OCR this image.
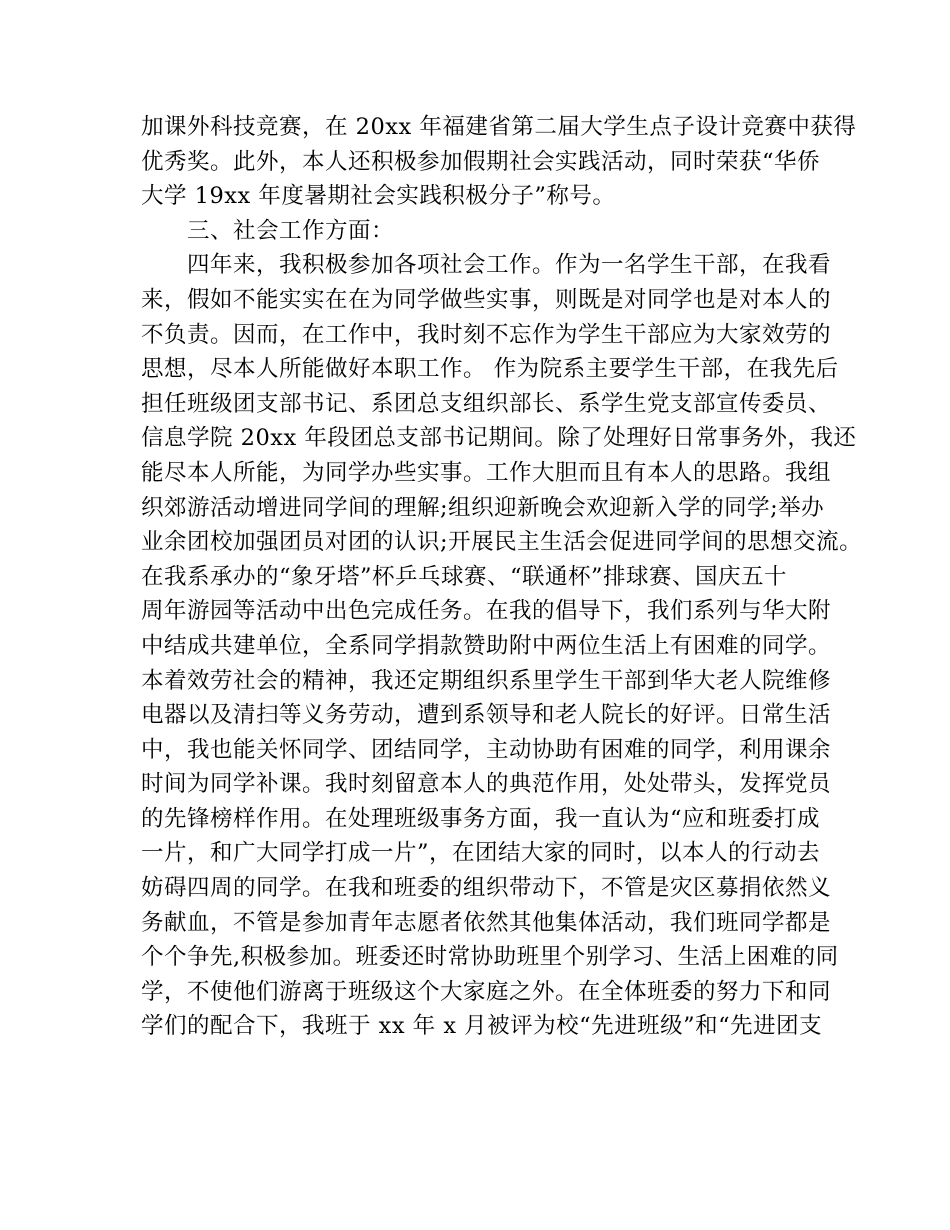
加课外科技竞赛，在 20xx 年福建省第二届大学生点子设计竞赛中获得
优秀奖。此外，本人还积极参加假期社会实践活动，同时荣获“华侨
大学 19xx 年度暑期社会实践积极分子”称号。
三、社会工作方面：
四年来，我积极参加各项社会工作。作为一名学生干部，在我看
来，假如不能实实在在为同学做些实事，则既是对同学也是对本人的
不负责。因而，在工作中，我时刻不忘作为学生干部应为大家效劳的
思想，尽本人所能做好本职工作。 作为院系主要学生干部，在我先后
担任班级团支部书记、系团总支组织部长、系学生党支部宣传委员、
信息学院 20xx 年段团总支部书记期间。除了处理好日常事务外，我还
能尽本人所能，为同学办些实事。工作大胆而且有本人的思路。我组
织郊游活动增进同学间的理解;组织迎新晚会欢迎新入学的同学;举办
业余团校加强团员对团的认识;开展民主生活会促进同学间的思想交流。
在我系承办的“象牙塔”杯乒乓球赛、“联通杯”排球赛、国庆五十
周年游园等活动中出色完成任务。在我的倡导下，我们系列与华大附
中结成共建单位，全系同学捐款赞助附中两位生活上有困难的同学。
本着效劳社会的精神，我还定期组织系里学生干部到华大老人院维修
电器以及清扫等义务劳动，遭到系领导和老人院长的好评。日常生活
中，我也能关怀同学、团结同学，主动协助有困难的同学，利用课余
时间为同学补课。我时刻留意本人的典范作用，处处带头，发挥党员
的先锋榜样作用。在处理班级事务方面，我一直认为“应和班委打成
一片，和广大同学打成一片”，在团结大家的同时，以本人的行动去
妨碍四周的同学。在我和班委的组织带动下，不管是灾区募捐依然义
务献血，不管是参加青年志愿者依然其他集体活动，我们班同学都是
个个争先,积极参加。班委还时常协助班里个别学习、生活上困难的同
学，不使他们游离于班级这个大家庭之外。在全体班委的努力下和同
学们的配合下，我班于 xx 年 x 月被评为校“先进班级”和“先进团支
